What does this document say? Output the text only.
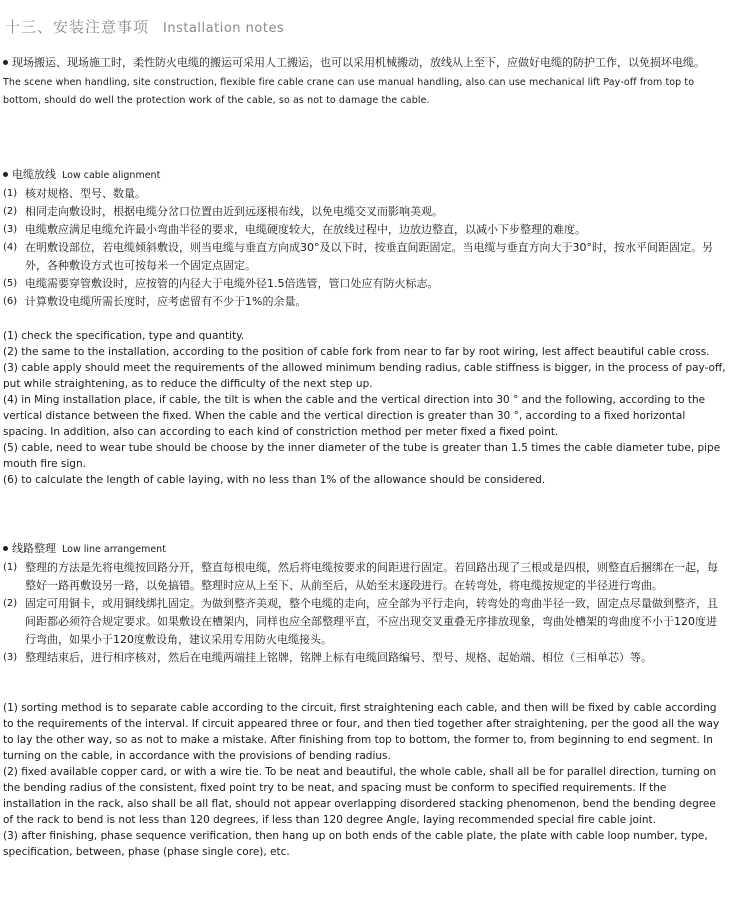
十三、安装注意事项 Installation notes
现场搬运、现场施工时，柔性防火电缆的搬运可采用人工搬运，也可以采用机械搬动，放线从上至下，应做好电缆的防护工作，以免损坏电缆。
The scene when handling, site construction, flexible fire cable crane can use manual handling, also can use mechanical lift Pay-off from top to bottom, should do well the protection work of the cable, so as not to damage the cable.
电缆放线 Low cable alignment
(1) 核对规格、型号、数量。
(2) 相同走向敷设时，根据电缆分岔口位置由近到远逐根布线，以免电缆交叉而影响美观。
(3) 电缆敷应满足电缆允许最小弯曲半径的要求，电缆硬度较大，在放线过程中，边放边整直，以减小下步整理的难度。
(4) 在明敷设部位，若电缆倾斜敷设，则当电缆与垂直方向成30°及以下时，按垂直间距固定。当电缆与垂直方向大于30°时，按水平间距固定。另外，各种敷设方式也可按每米一个固定点固定。
(5) 电缆需要穿管敷设时，应按管的内径大于电缆外径1.5倍选管，管口处应有防火标志。
(6) 计算敷设电缆所需长度时，应考虑留有不少于1%的余量。
(1) check the specification, type and quantity.
(2) the same to the installation, according to the position of cable fork from near to far by root wiring, lest affect beautiful cable cross.
(3) cable apply should meet the requirements of the allowed minimum bending radius, cable stiffness is bigger, in the process of pay-off, put while straightening, as to reduce the difficulty of the next step up.
(4) in Ming installation place, if cable, the tilt is when the cable and the vertical direction into 30 ° and the following, according to the vertical distance between the fixed. When the cable and the vertical direction is greater than 30 °, according to a fixed horizontal spacing. In addition, also can according to each kind of constriction method per meter fixed a fixed point.
(5) cable, need to wear tube should be choose by the inner diameter of the tube is greater than 1.5 times the cable diameter tube, pipe mouth fire sign.
(6) to calculate the length of cable laying, with no less than 1% of the allowance should be considered.
线路整理 Low line arrangement
(1) 整理的方法是先将电缆按回路分开，整直每根电缆，然后将电缆按要求的间距进行固定。若回路出现了三根或是四根，则整直后捆绑在一起，每整好一路再敷设另一路，以免搞错。整理时应从上至下、从前至后，从始至末逐段进行。在转弯处，将电缆按规定的半径进行弯曲。
(2) 固定可用铜卡，或用铜线绑扎固定。为做到整齐美观，整个电缆的走向，应全部为平行走向，转弯处的弯曲半径一致，固定点尽量做到整齐，且间距都必须符合规定要求。如果敷设在槽架内，同样也应全部整理平直，不应出现交叉重叠无序排放现象，弯曲处槽架的弯曲度不小于120度进行弯曲，如果小于120度敷设角，建议采用专用防火电缆接头。
(3) 整理结束后，进行相序核对，然后在电缆两端挂上铭牌，铭牌上标有电缆回路编号、型号、规格、起始端、相位（三相单芯）等。
(1) sorting method is to separate cable according to the circuit, first straightening each cable, and then will be fixed by cable according to the requirements of the interval. If circuit appeared three or four, and then tied together after straightening, per the good all the way to lay the other way, so as not to make a mistake. After finishing from top to bottom, the former to, from beginning to end segment. In turning on the cable, in accordance with the provisions of bending radius.
(2) fixed available copper card, or with a wire tie. To be neat and beautiful, the whole cable, shall all be for parallel direction, turning on the bending radius of the consistent, fixed point try to be neat, and spacing must be conform to specified requirements. If the installation in the rack, also shall be all flat, should not appear overlapping disordered stacking phenomenon, bend the bending degree of the rack to bend is not less than 120 degrees, if less than 120 degree Angle, laying recommended special fire cable joint.
(3) after finishing, phase sequence verification, then hang up on both ends of the cable plate, the plate with cable loop number, type, specification, between, phase (phase single core), etc.
